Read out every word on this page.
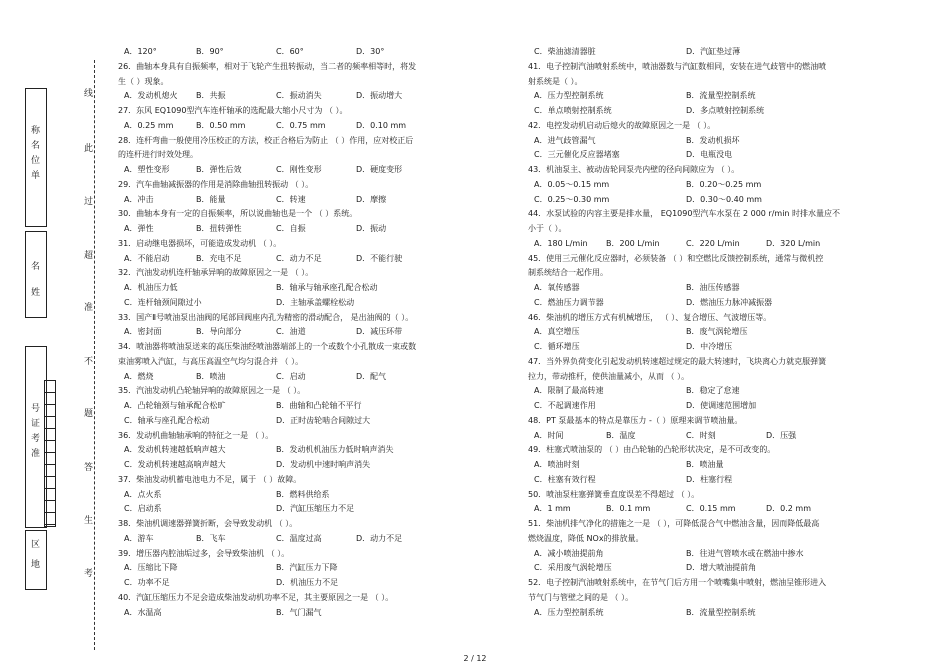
称
名
位
单
名
姓
号
证
考
准
区
地
线
此
过
超
准
不
题
答
生
考
A．120°	B．90°	C．60°	D．30°
26．曲轴本身具有自振频率，相对于飞轮产生扭转振动，当二者的频率相等时，将发
生（ ）现象。
A．发动机熄火 B．共振	C．振动消失	D．振动增大
27．东风 EQ1090型汽车连杆轴承的选配最大缩小尺寸为 （ ）。
A．0.25 mm	B．0.50 mm	C．0.75 mm	D．0.10 mm
28．连杆弯曲一般使用冷压校正的方法，校正合格后为防止 （ ）作用，应对校正后
的连杆进行时效处理。
A．塑性变形	B．弹性后效	C．刚性变形	D．硬度变形
29．汽车曲轴减振器的作用是消除曲轴扭转振动 （ ）。
A．冲击	B．能量	C．转速	D．摩擦
30．曲轴本身有一定的自振频率，所以说曲轴也是一个 （ ）系统。
A．弹性	B．扭转弹性	C．自振	D．振动
31．启动继电器损坏，可能造成发动机 （ ）。
A．不能启动	B．充电不足	C．动力不足	D．不能行驶
32．汽油发动机连杆轴承异响的故障原因之一是 （ ）。
A．机油压力低	B．轴承与轴承座孔配合松动
C．连杆轴颈间隙过小	D．主轴承盖螺栓松动
33．国产Ⅱ号喷油泵出油阀的尾部回阀座内孔为精密的滑动配合， 是出油阀的（ ）。
A．密封面	B．导向部分	C．油道	D．减压环带
34．喷油器将喷油泵送来的高压柴油经喷油器端部上的一个或数个小孔散成一束或数
束油雾喷入汽缸，与高压高温空气均匀混合并 （ ）。
A．燃烧	B．喷油	C．启动	D．配气
35．汽油发动机凸轮轴异响的故障原因之一是 （ ）。
A．凸轮轴颈与轴承配合松旷	B．曲轴和凸轮轴不平行
C．轴承与座孔配合松动	D．正时齿轮啮合间隙过大
36．发动机曲轴轴承响的特征之一是 （ ）。
A．发动机转速越低响声越大	B．发动机机油压力低时响声消失
C．发动机转速越高响声越大	D．发动机中速时响声消失
37．柴油发动机蓄电池电力不足，属于 （ ）故障。
A．点火系	B．燃料供给系
C．启动系	D．汽缸压缩压力不足
38．柴油机调速器弹簧折断，会导致发动机 （ ）。
A．游车	B．飞车	C．温度过高	D．动力不足
39．增压器内腔油垢过多，会导致柴油机 （ ）。
A．压缩比下降	B．汽缸压力下降
C．功率不足	D．机油压力不足
40．汽缸压缩压力不足会造成柴油发动机功率不足，其主要原因之一是 （ ）。
A．水温高	B．气门漏气
C．柴油滤清器脏	D．汽缸垫过薄
41．电子控制汽油喷射系统中，喷油器数与汽缸数相同，安装在进气歧管中的燃油喷
射系统是（ ）。
A．压力型控制系统	B．流量型控制系统
C．单点喷射控制系统	D．多点喷射控制系统
42．电控发动机启动后熄火的故障原因之一是 （ ）。
A．进气歧管漏气	B．发动机损坏
C．三元催化反应器堵塞	D．电瓶没电
43．机油泵主、被动齿轮同泵壳内壁的径向间隙应为 （ ）。
A．0.05～0.15 mm	B．0.20～0.25 mm
C．0.25～0.30 mm	D．0.30～0.40 mm
44．水泵试验的内容主要是排水量， EQ1090型汽车水泵在 2 000 r/min 时排水量应不
小于（ ）。
A．180 L/min B．200 L/min	C．220 L/min	D．320 L/min
45．使用三元催化反应器时，必须装备 （ ）和空燃比反馈控制系统，通常与微机控
制系统结合一起作用。
A．氧传感器	B．油压传感器
C．燃油压力调节器	D．燃油压力脉冲减振器
46．柴油机的增压方式有机械增压， （ ）、复合增压、气波增压等。
A．真空增压	B．废气涡轮增压
C．循环增压	D．中冷增压
47．当外界负荷变化引起发动机转速超过规定的最大转速时，飞块离心力就克服弹簧
拉力，带动推杆，使供油量减小，从而 （ ）。
A．限制了最高转速	B．稳定了怠速
C．不起调速作用	D．使调速范围增加
48．PT 泵最基本的特点是靠压力 -（ ）原理来调节喷油量。
A．时间	B．温度	C．时刻	D．压强
49．柱塞式喷油泵的 （ ）由凸轮轴的凸轮形状决定，是不可改变的。
A．喷油时刻	B．喷油量
C．柱塞有效行程	D．柱塞行程
50．喷油泵柱塞弹簧垂直度误差不得超过 （ ）。
A．1 mm	B．0.1 mm	C．0.15 mm	D．0.2 mm
51．柴油机排气净化的措施之一是 （ ），可降低混合气中燃油含量，因而降低最高
燃烧温度，降低 NOx的排放量。
A．减小喷油提前角	B．往进气管喷水或在燃油中掺水
C．采用废气涡轮增压	D．增大喷油提前角
52．电子控制汽油喷射系统中，在节气门后方用一个喷嘴集中喷射，燃油呈锥形进入
节气门与管壁之间的是 （ ）。
A．压力型控制系统	B．流量型控制系统
2 / 12
